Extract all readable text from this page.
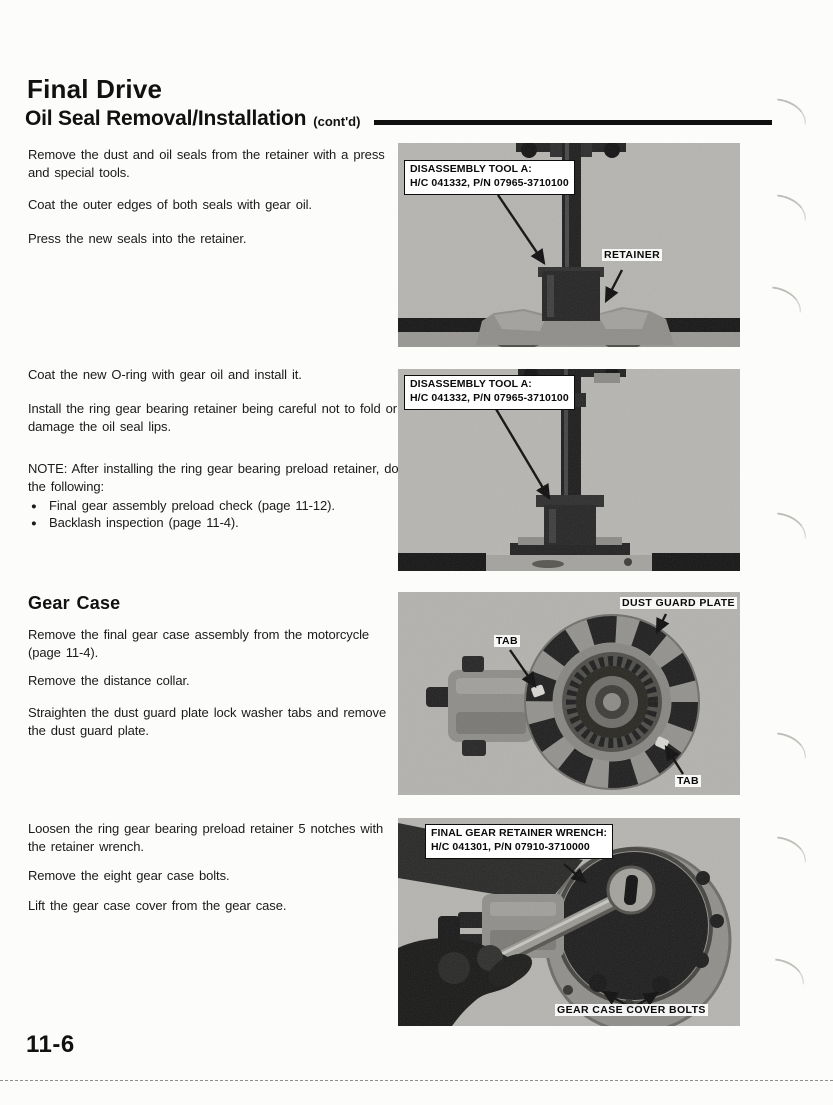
Final Drive
Oil Seal Removal/Installation (cont'd)

Remove the dust and oil seals from the retainer with a press and special tools.

Coat the outer edges of both seals with gear oil.

Press the new seals into the retainer.

Coat the new O-ring with gear oil and install it.

Install the ring gear bearing retainer being careful not to fold or damage the oil seal lips.

NOTE: After installing the ring gear bearing preload retainer, do the following:

● Final gear assembly preload check (page 11-12).
● Backlash inspection (page 11-4).
Gear Case

Remove the final gear case assembly from the motorcycle (page 11-4).

Remove the distance collar.

Straighten the dust guard plate lock washer tabs and remove the dust guard plate.

Loosen the ring gear bearing preload retainer 5 notches with the retainer wrench.

Remove the eight gear case bolts.

Lift the gear case cover from the gear case.

DISASSEMBLY TOOL A:
H/C 041332, P/N 07965-3710100
RETAINER
DISASSEMBLY TOOL A:
H/C 041332, P/N 07965-3710100
DUST GUARD PLATE
TAB
TAB
FINAL GEAR RETAINER WRENCH:
H/C 041301, P/N 07910-3710000
GEAR CASE COVER BOLTS
11-6
